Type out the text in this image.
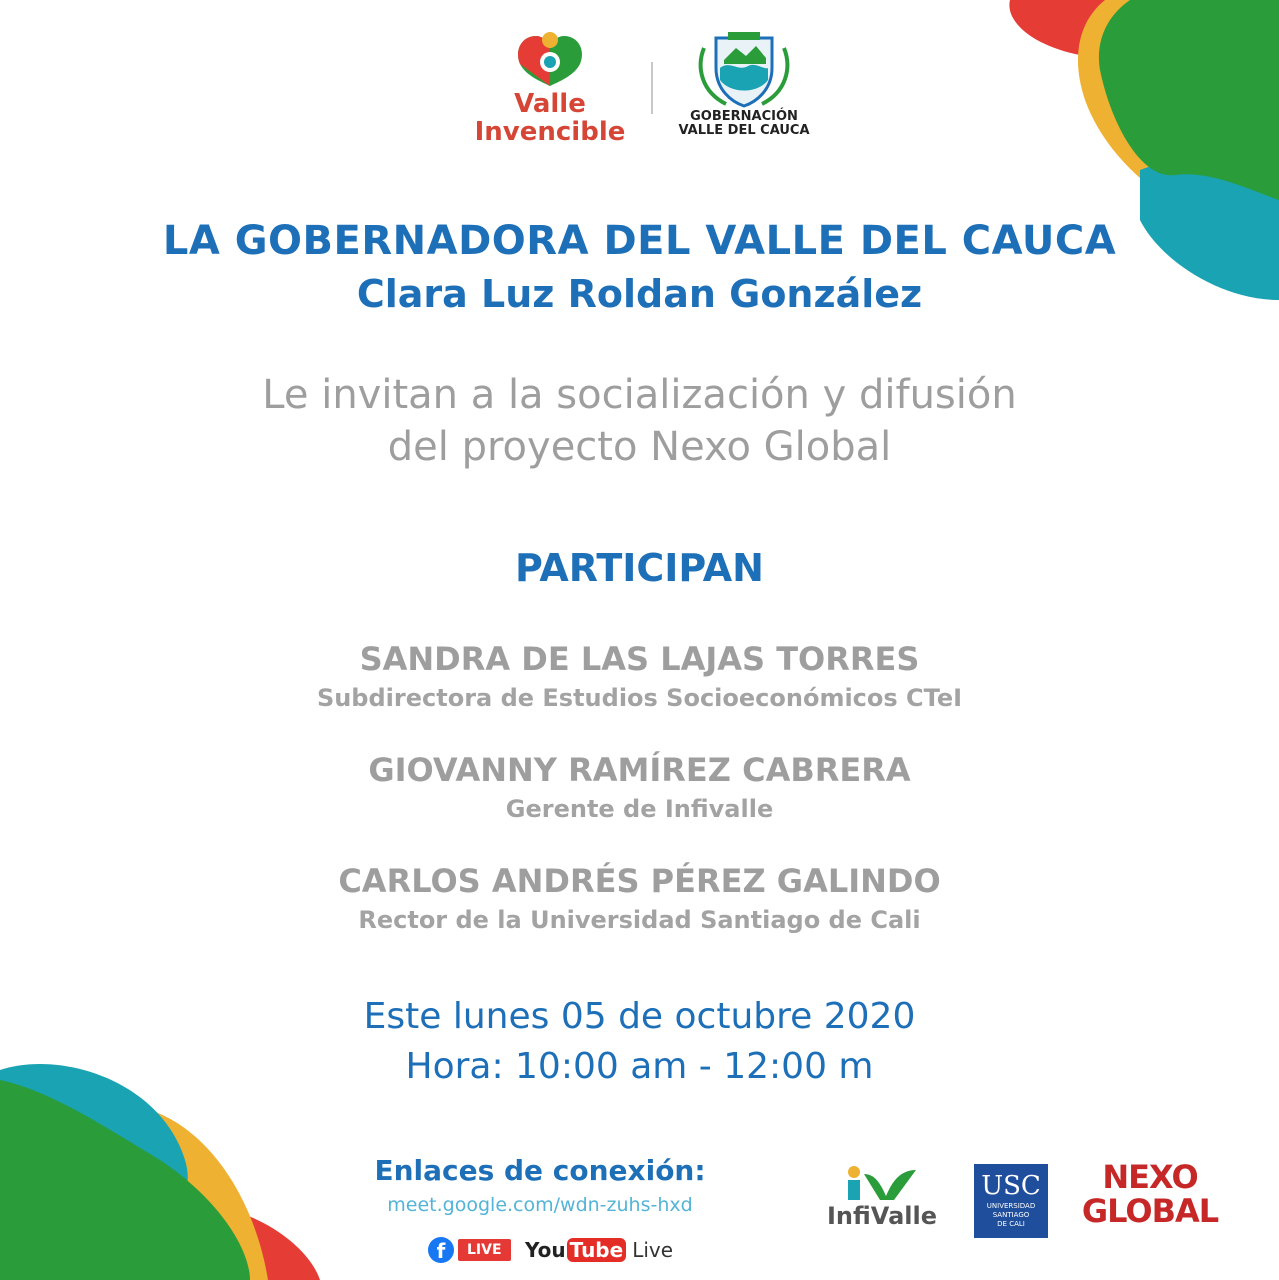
Valle
Invencible
GOBERNACIÓN
VALLE DEL CAUCA
LA GOBERNADORA DEL VALLE DEL CAUCA
Clara Luz Roldan González
Le invitan a la socialización y difusión
del proyecto Nexo Global
PARTICIPAN
SANDRA DE LAS LAJAS TORRES
Subdirectora de Estudios Socioeconómicos CTeI
GIOVANNY RAMÍREZ CABRERA
Gerente de Infivalle
CARLOS ANDRÉS PÉREZ GALINDO
Rector de la Universidad Santiago de Cali
Este lunes 05 de octubre 2020
Hora: 10:00 am - 12:00 m
Enlaces de conexión:
meet.google.com/wdn-zuhs-hxd
f	LIVE	You Tube Live
InfiValle
USC
UNIVERSIDAD
SANTIAGO
DE CALI
NEXO
GLOBAL
